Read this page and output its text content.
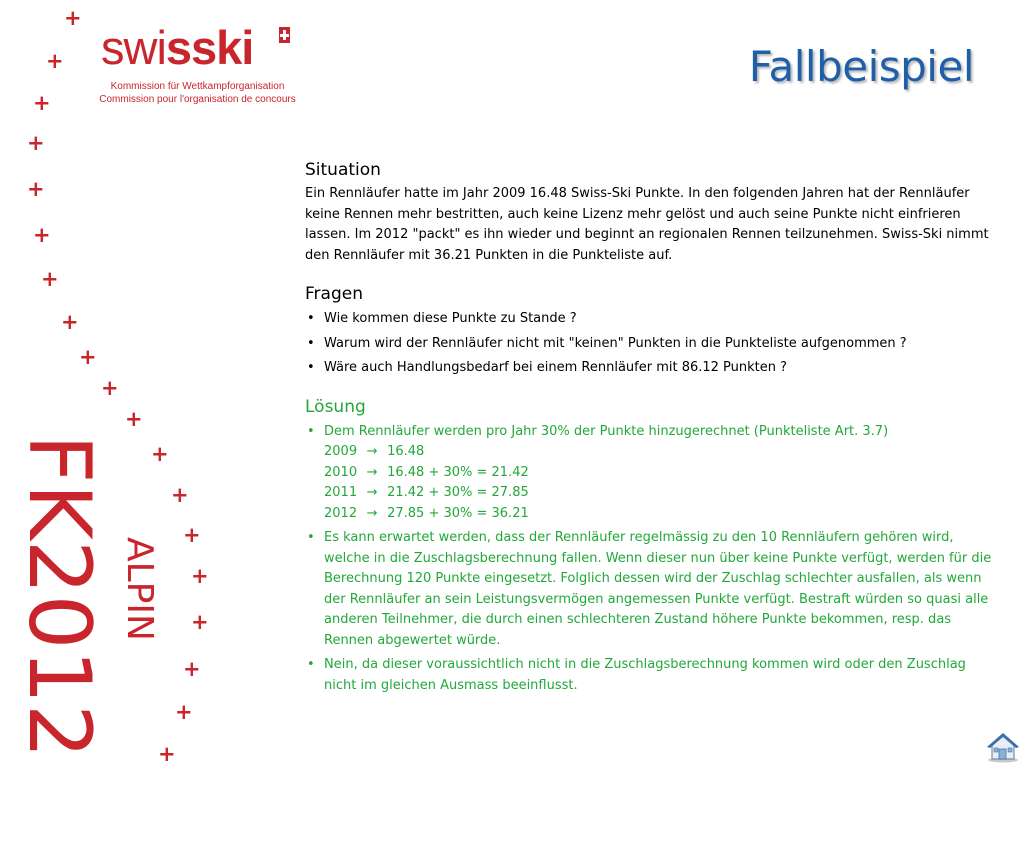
+
+
+
+
+
+
+
+
+
+
+
+
+
+
+
+
+
+
+
swisski
Kommission für Wettkampforganisation
Commission pour l'organisation de concours
Fallbeispiel
FK2012 ALPIN

Situation

Ein Rennläufer hatte im Jahr 2009 16.48 Swiss-Ski Punkte. In den folgenden Jahren hat der Rennläufer keine Rennen mehr bestritten, auch keine Lizenz mehr gelöst und auch seine Punkte nicht einfrieren lassen. Im 2012 "packt" es ihn wieder und beginnt an regionalen Rennen teilzunehmen. Swiss-Ski nimmt den Rennläufer mit 36.21 Punkten in die Punkteliste auf.

Fragen

• Wie kommen diese Punkte zu Stande ?
• Warum wird der Rennläufer nicht mit "keinen" Punkten in die Punkteliste aufgenommen ?
• Wäre auch Handlungsbedarf bei einem Rennläufer mit 86.12 Punkten ?

Lösung

• Dem Rennläufer werden pro Jahr 30% der Punkte hinzugerechnet (Punkteliste Art. 3.7)
2009 → 16.48
2010 → 16.48 + 30% = 21.42
2011 → 21.42 + 30% = 27.85
2012 → 27.85 + 30% = 36.21
• Es kann erwartet werden, dass der Rennläufer regelmässig zu den 10 Rennläufern gehören wird, welche in die Zuschlagsberechnung fallen. Wenn dieser nun über keine Punkte verfügt, werden für die Berechnung 120 Punkte eingesetzt. Folglich dessen wird der Zuschlag schlechter ausfallen, als wenn der Rennläufer an sein Leistungsvermögen angemessen Punkte verfügt. Bestraft würden so quasi alle anderen Teilnehmer, die durch einen schlechteren Zustand höhere Punkte bekommen, resp. das Rennen abgewertet würde.
• Nein, da dieser voraussichtlich nicht in die Zuschlagsberechnung kommen wird oder den Zuschlag nicht im gleichen Ausmass beeinflusst.
